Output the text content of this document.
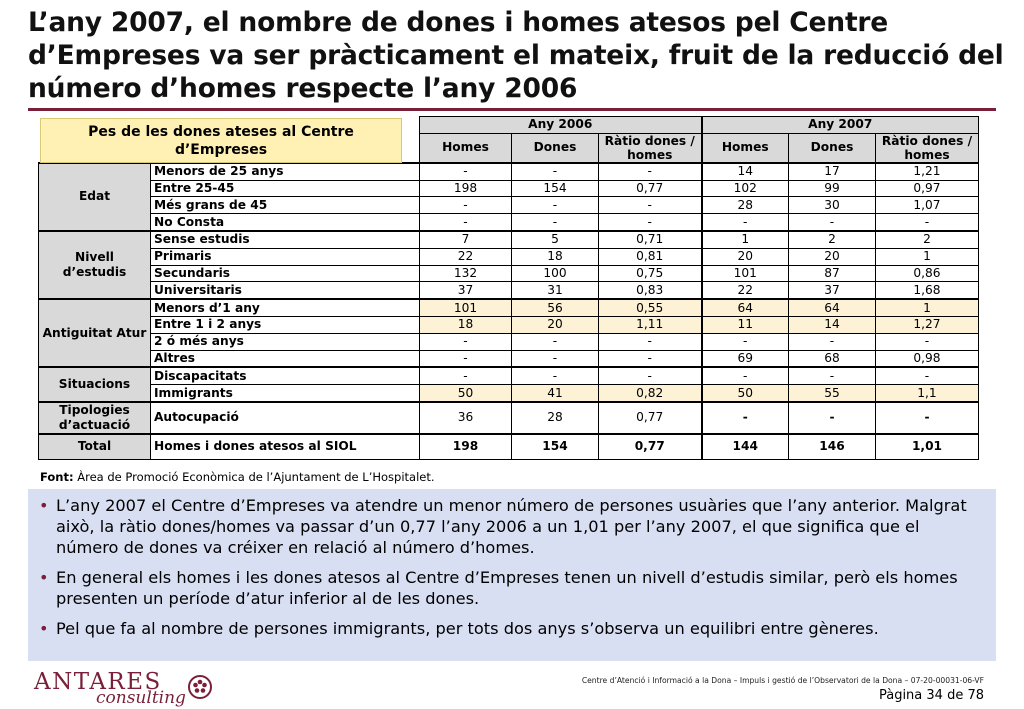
L’any 2007, el nombre de dones i homes atesos pel Centre d’Empreses va ser pràcticament el mateix, fruit de la reducció del número d’homes respecte l’any 2006
		Any 2006			Any 2007		
		Homes	Dones	Ràtio dones / homes	Homes	Dones	Ràtio dones / homes
Edat	Menors de 25 anys	-	-	-	14	17	1,21
	Entre 25-45	198	154	0,77	102	99	0,97
	Més grans de 45	-	-	-	28	30	1,07
	No Consta	-	-	-	-	-	-
Nivell d’estudis	Sense estudis	7	5	0,71	1	2	2
	Primaris	22	18	0,81	20	20	1
	Secundaris	132	100	0,75	101	87	0,86
	Universitaris	37	31	0,83	22	37	1,68
Antiguitat Atur	Menors d’1 any	101	56	0,55	64	64	1
	Entre 1 i 2 anys	18	20	1,11	11	14	1,27
	2 ó més anys	-	-	-	-	-	-
	Altres	-	-	-	69	68	0,98
Situacions	Discapacitats	-	-	-	-	-	-
	Immigrants	50	41	0,82	50	55	1,1
Tipologies d’actuació	Autocupació	36	28	0,77	-	-	-
Total	Homes i dones atesos al SIOL	198	154	0,77	144	146	1,01
Pes de les dones ateses al Centre d’Empreses
Font: Àrea de Promoció Econòmica de l’Ajuntament de L’Hospitalet.
• L’any 2007 el Centre d’Empreses va atendre un menor número de persones usuàries que l’any anterior. Malgrat això, la ràtio dones/homes va passar d’un 0,77 l’any 2006 a un 1,01 per l’any 2007, el que significa que el número de dones va créixer en relació al número d’homes.
• En general els homes i les dones atesos al Centre d’Empreses tenen un nivell d’estudis similar, però els homes presenten un període d’atur inferior al de les dones.
• Pel que fa al nombre de persones immigrants, per tots dos anys s’observa un equilibri entre gèneres.
ANTARES
consulting
Centre d’Atenció i Informació a la Dona – Impuls i gestió de l’Observatori de la Dona – 07-20-00031-06-VF
Pàgina 34 de 78
